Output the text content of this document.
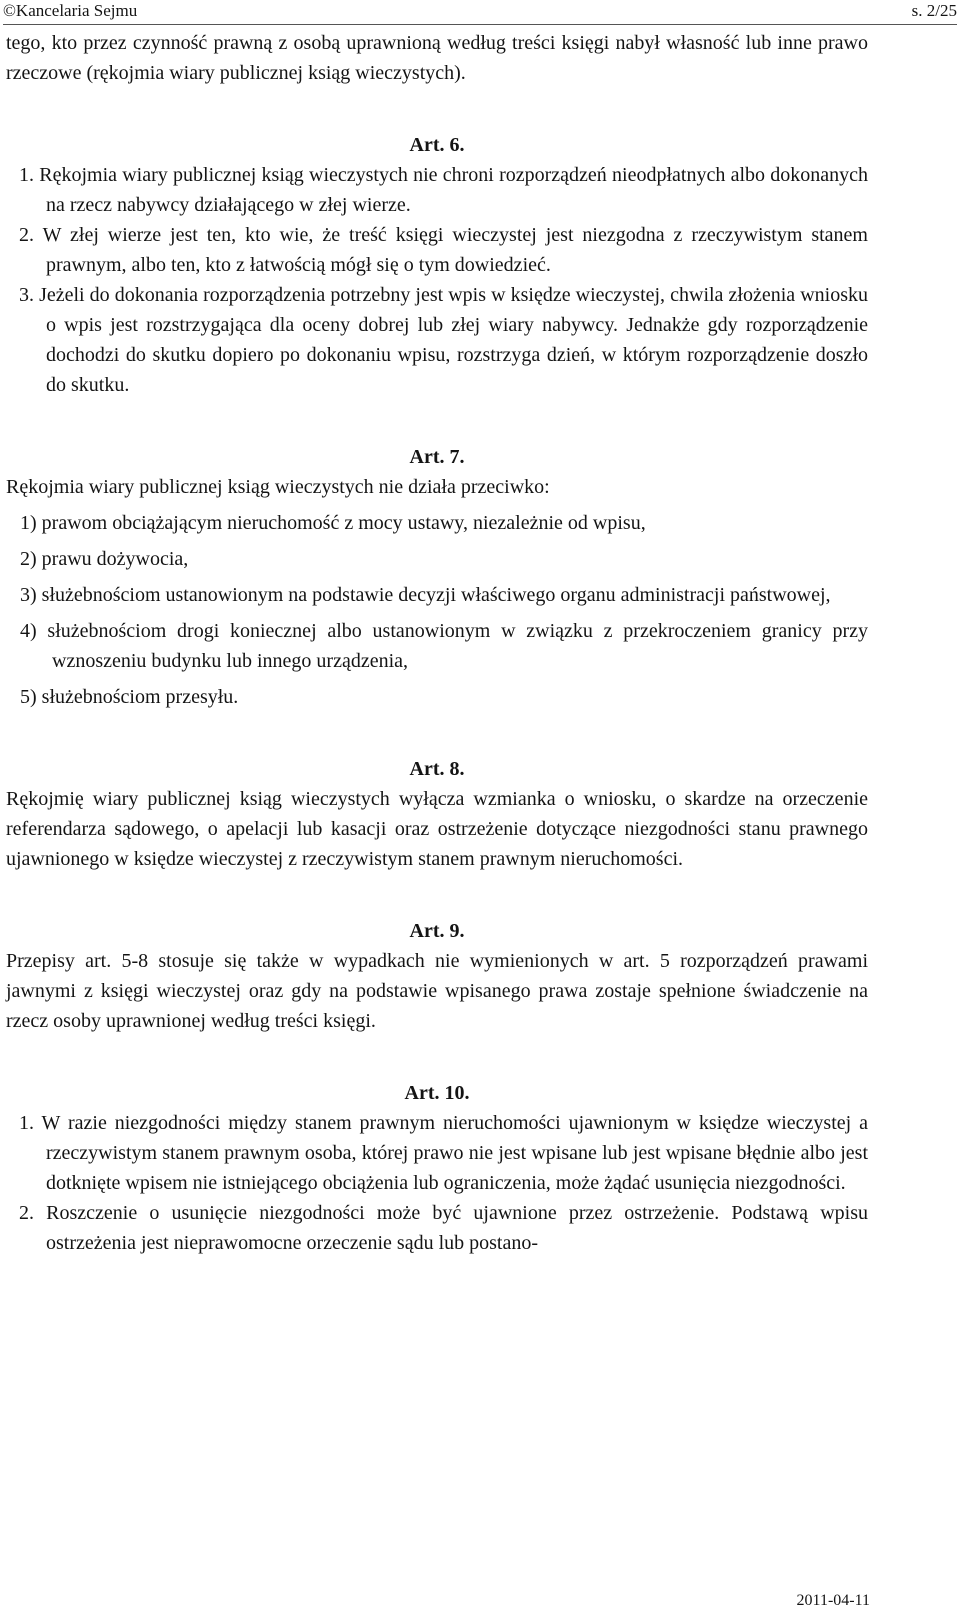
©Kancelaria Sejmu	s. 2/25

tego, kto przez czynność prawną z osobą uprawnioną według treści księgi nabył własność lub inne prawo rzeczowe (rękojmia wiary publicznej ksiąg wieczystych).

Art. 6.

1. Rękojmia wiary publicznej ksiąg wieczystych nie chroni rozporządzeń nieodpłatnych albo dokonanych na rzecz nabywcy działającego w złej wierze.

2. W złej wierze jest ten, kto wie, że treść księgi wieczystej jest niezgodna z rzeczywistym stanem prawnym, albo ten, kto z łatwością mógł się o tym dowiedzieć.

3. Jeżeli do dokonania rozporządzenia potrzebny jest wpis w księdze wieczystej, chwila złożenia wniosku o wpis jest rozstrzygająca dla oceny dobrej lub złej wiary nabywcy. Jednakże gdy rozporządzenie dochodzi do skutku dopiero po dokonaniu wpisu, rozstrzyga dzień, w którym rozporządzenie doszło do skutku.

Art. 7.

Rękojmia wiary publicznej ksiąg wieczystych nie działa przeciwko:

1) prawom obciążającym nieruchomość z mocy ustawy, niezależnie od wpisu,

2) prawu dożywocia,

3) służebnościom ustanowionym na podstawie decyzji właściwego organu administracji państwowej,

4) służebnościom drogi koniecznej albo ustanowionym w związku z przekroczeniem granicy przy wznoszeniu budynku lub innego urządzenia,

5) służebnościom przesyłu.

Art. 8.

Rękojmię wiary publicznej ksiąg wieczystych wyłącza wzmianka o wniosku, o skardze na orzeczenie referendarza sądowego, o apelacji lub kasacji oraz ostrzeżenie dotyczące niezgodności stanu prawnego ujawnionego w księdze wieczystej z rzeczywistym stanem prawnym nieruchomości.

Art. 9.

Przepisy art. 5-8 stosuje się także w wypadkach nie wymienionych w art. 5 rozporządzeń prawami jawnymi z księgi wieczystej oraz gdy na podstawie wpisanego prawa zostaje spełnione świadczenie na rzecz osoby uprawnionej według treści księgi.

Art. 10.

1. W razie niezgodności między stanem prawnym nieruchomości ujawnionym w księdze wieczystej a rzeczywistym stanem prawnym osoba, której prawo nie jest wpisane lub jest wpisane błędnie albo jest dotknięte wpisem nie istniejącego obciążenia lub ograniczenia, może żądać usunięcia niezgodności.

2. Roszczenie o usunięcie niezgodności może być ujawnione przez ostrzeżenie. Podstawą wpisu ostrzeżenia jest nieprawomocne orzeczenie sądu lub postano-

2011-04-11
